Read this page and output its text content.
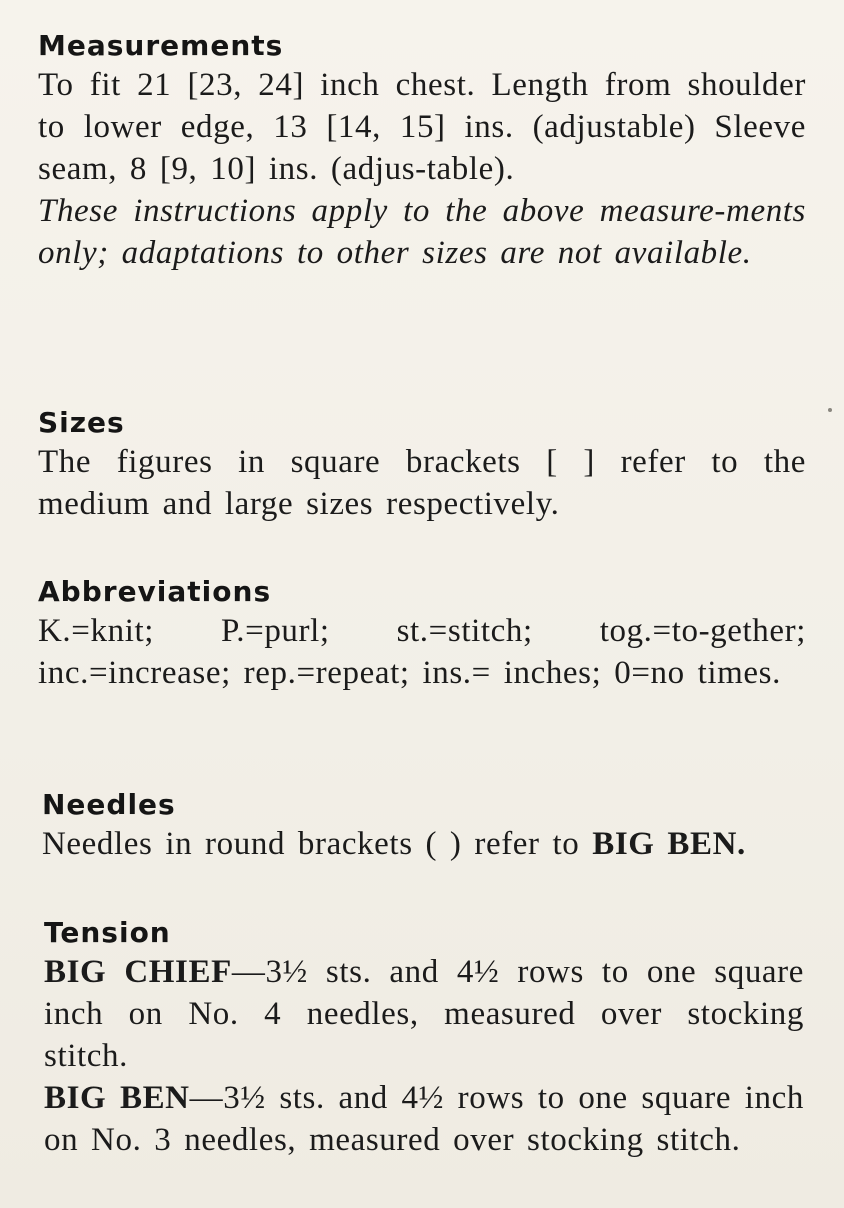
Measurements

To fit 21 [23, 24] inch chest. Length from shoulder to lower edge, 13 [14, 15] ins. (adjustable) Sleeve seam, 8 [9, 10] ins. (adjus-table).

These instructions apply to the above measure-ments only; adaptations to other sizes are not available.

Sizes

The figures in square brackets [ ] refer to the medium and large sizes respectively.

Abbreviations

K.=knit; P.=purl; st.=stitch; tog.=to-gether; inc.=increase; rep.=repeat; ins.= inches; 0=no times.

Needles

Needles in round brackets ( ) refer to BIG BEN.

Tension

BIG CHIEF—3½ sts. and 4½ rows to one square inch on No. 4 needles, measured over stocking stitch.

BIG BEN—3½ sts. and 4½ rows to one square inch on No. 3 needles, measured over stocking stitch.
